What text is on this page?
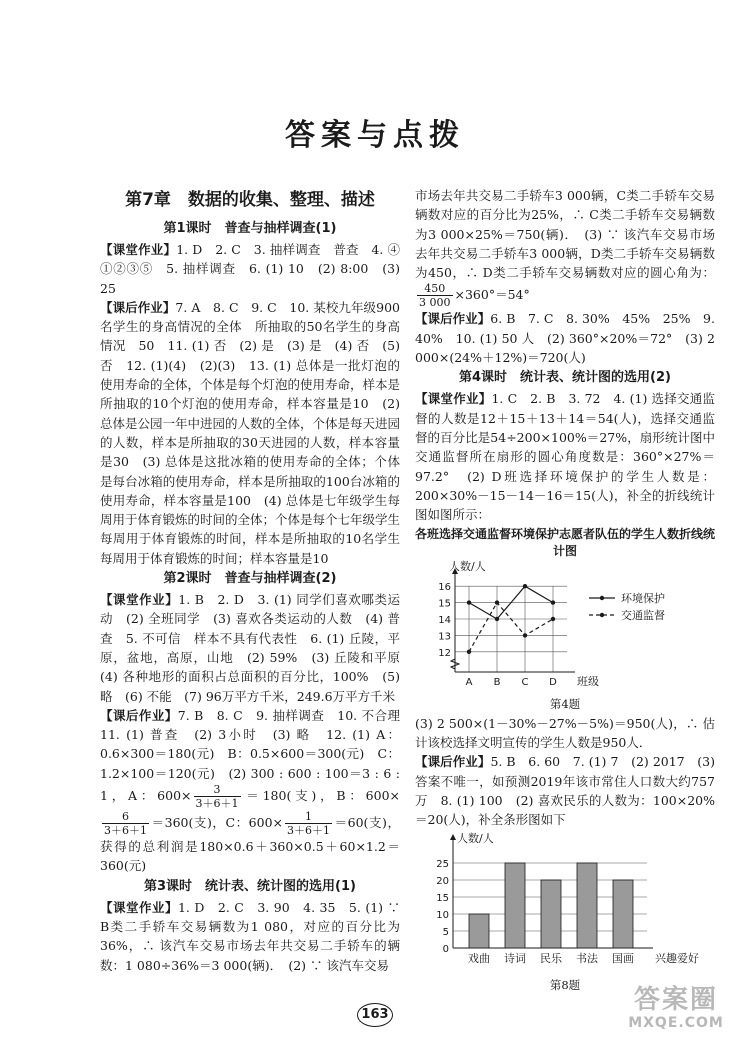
答案与点拨
第7章　数据的收集、整理、描述
第1课时　普查与抽样调查(1)

【课堂作业】1. D　2. C　3. 抽样调查　普查　4. ④　①②③⑤　5. 抽样调查　6. (1) 10　(2) 8:00　(3) 25

【课后作业】7. A　8. C　9. C　10. 某校九年级900名学生的身高情况的全体　所抽取的50名学生的身高情况　50　11. (1) 否　(2) 是　(3) 是　(4) 否　(5) 否　12. (1)(4)　(2)(3)　13. (1) 总体是一批灯泡的使用寿命的全体，个体是每个灯泡的使用寿命，样本是所抽取的10个灯泡的使用寿命，样本容量是10　(2) 总体是公园一年中进园的人数的全体，个体是每天进园的人数，样本是所抽取的30天进园的人数，样本容量是30　(3) 总体是这批冰箱的使用寿命的全体；个体是每台冰箱的使用寿命，样本是所抽取的100台冰箱的使用寿命，样本容量是100　(4) 总体是七年级学生每周用于体育锻炼的时间的全体；个体是每个七年级学生每周用于体育锻炼的时间，样本是所抽取的10名学生每周用于体育锻炼的时间；样本容量是10

第2课时　普查与抽样调查(2)

【课堂作业】1. B　2. D　3. (1) 同学们喜欢哪类运动　(2) 全班同学　(3) 喜欢各类运动的人数　(4) 普查　5. 不可信　样本不具有代表性　6. (1) 丘陵，平原，盆地，高原，山地　(2) 59%　(3) 丘陵和平原　(4) 各种地形的面积占总面积的百分比，100%　(5) 略　(6) 不能　(7) 96万平方千米，249.6万平方千米

【课后作业】7. B　8. C　9. 抽样调查　10. 不合理　11. (1) 普查　(2) 3小时　(3) 略　12. (1) A：0.6×300＝180(元)　B：0.5×600＝300(元)　C：1.2×100＝120(元)　(2) 300 : 600 : 100＝3 : 6 : 1，A：$600\times \frac{3}{3+6+1} =180$(支)，B：600×
$\frac{6}{3+6+1} =360$(支)，C：$600\times \frac{1}{3+6+1} =60$(支)，获得的总利润是180×0.6＋360×0.5＋60×1.2＝360(元)

第3课时　统计表、统计图的选用(1)

【课堂作业】1. D　2. C　3. 90　4. 35　5. (1) ∵ B类二手轿车交易辆数为1 080，对应的百分比为36%，∴ 该汽车交易市场去年共交易二手轿车的辆数：1 080÷36%＝3 000(辆)．　(2) ∵ 该汽车交易

市场去年共交易二手轿车3 000辆，C类二手轿车交易辆数对应的百分比为25%，∴ C类二手轿车交易辆数为3 000×25%＝750(辆)．　(3) ∵ 该汽车交易市场去年共交易二手轿车3 000辆，D类二手轿车交易辆数为450，∴ D类二手轿车交易辆数对应的圆心角为：
$\frac{450}{3 000} \times 360^\circ=54^\circ$

【课后作业】6. B　7. C　8. 30%　45%　25%　9. 40%　10. (1) 50 人　(2) 360°×20%＝72°　(3) 2 000×(24%＋12%)＝720(人)

第4课时　统计表、统计图的选用(2)

【课堂作业】1. C　2. B　3. 72　4. (1) 选择交通监督的人数是12＋15＋13＋14＝54(人)，选择交通监督的百分比是54÷200×100%＝27%，扇形统计图中交通监督所在扇形的圆心角度数是：360°×27%＝97.2°　(2) D班选择环境保护的学生人数是：200×30%－15－14－16＝15(人)，补全的折线统计图如图所示：

各班选择交通监督环境保护志愿者队伍的学生人数折线统计图
12
13
14
15
16
A B C D
人数/人
班级
环境保护
交通监督
第4题

(3) 2 500×(1－30%－27%－5%)＝950(人)，∴ 估计该校选择文明宣传的学生人数是950人．

【课后作业】5. B　6. 60　7. (1) 7　(2) 2017　(3) 答案不唯一，如预测2019年该市常住人口数大约757万　8. (1) 100　(2) 喜欢民乐的人数为：100×20%＝20(人)，补全条形图如下

0
5
10
15
20
25
人数/人
戏曲 诗词 民乐 书法 国画 兴趣爱好
第8题
163	答案圈
MXQE.COM
